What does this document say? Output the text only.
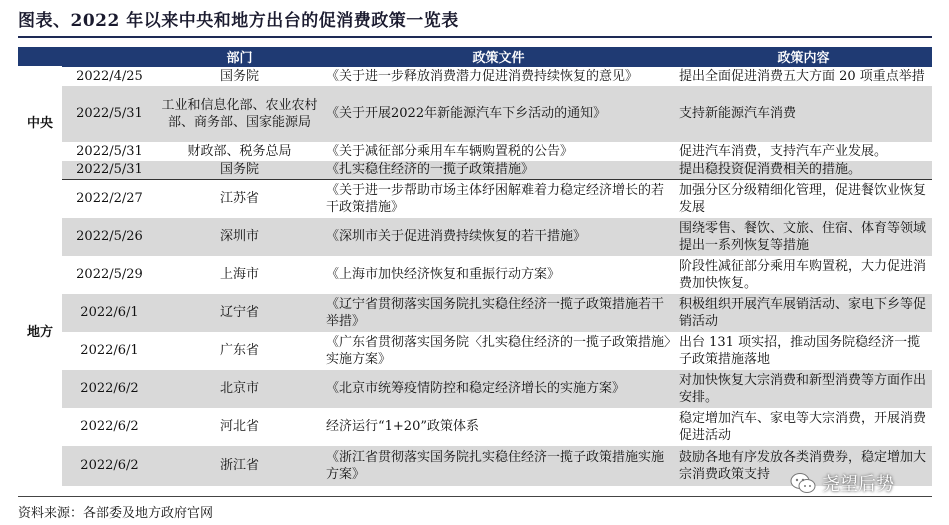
图表、2022 年以来中央和地方出台的促消费政策一览表
		部门	政策文件	政策内容
中央	2022/4/25	国务院	《关于进一步释放消费潜力促进消费持续恢复的意见》	提出全面促进消费五大方面 20 项重点举措
	2022/5/31	工业和信息化部、农业农村部、商务部、国家能源局	《关于开展2022年新能源汽车下乡活动的通知》	支持新能源汽车消费
	2022/5/31	财政部、税务总局	《关于减征部分乘用车车辆购置税的公告》	促进汽车消费，支持汽车产业发展。
	2022/5/31	国务院	《扎实稳住经济的一揽子政策措施》	提出稳投资促消费相关的措施。
地方	2022/2/27	江苏省	《关于进一步帮助市场主体纾困解难着力稳定经济增长的若干政策措施》	加强分区分级精细化管理，促进餐饮业恢复发展
	2022/5/26	深圳市	《深圳市关于促进消费持续恢复的若干措施》	围绕零售、餐饮、文旅、住宿、体育等领域提出一系列恢复等措施
	2022/5/29	上海市	《上海市加快经济恢复和重振行动方案》	阶段性减征部分乘用车购置税，大力促进消费加快恢复。
	2022/6/1	辽宁省	《辽宁省贯彻落实国务院扎实稳住经济一揽子政策措施若干举措》	积极组织开展汽车展销活动、家电下乡等促销活动
	2022/6/1	广东省	《广东省贯彻落实国务院〈扎实稳住经济的一揽子政策措施〉实施方案》	出台 131 项实招，推动国务院稳经济一揽子政策措施落地
	2022/6/2	北京市	《北京市统筹疫情防控和稳定经济增长的实施方案》	对加快恢复大宗消费和新型消费等方面作出安排。
	2022/6/2	河北省	经济运行“1+20”政策体系	稳定增加汽车、家电等大宗消费，开展消费促进活动
	2022/6/2	浙江省	《浙江省贯彻落实国务院扎实稳住经济一揽子政策措施实施方案》	鼓励各地有序发放各类消费券，稳定增加大宗消费政策支持
资料来源：各部委及地方政府官网
尧望后势
